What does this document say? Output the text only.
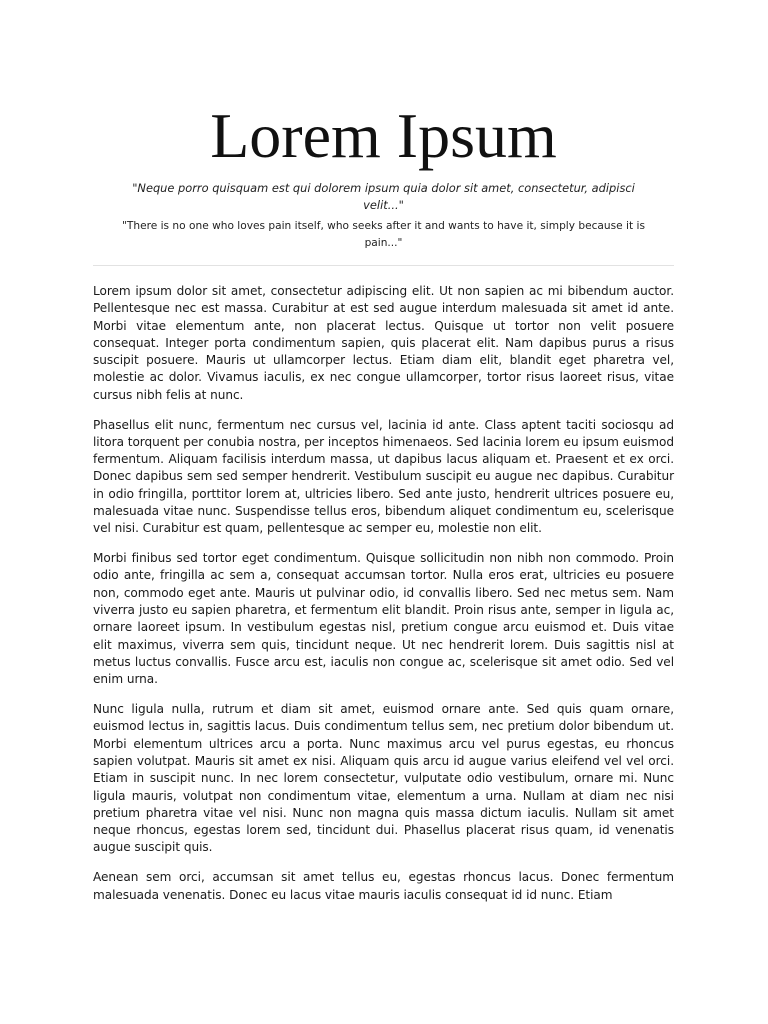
Lorem Ipsum

"Neque porro quisquam est qui dolorem ipsum quia dolor sit amet, consectetur, adipisci velit..."

"There is no one who loves pain itself, who seeks after it and wants to have it, simply because it is pain..."

Lorem ipsum dolor sit amet, consectetur adipiscing elit. Ut non sapien ac mi bibendum auctor. Pellentesque nec est massa. Curabitur at est sed augue interdum malesuada sit amet id ante. Morbi vitae elementum ante, non placerat lectus. Quisque ut tortor non velit posuere consequat. Integer porta condimentum sapien, quis placerat elit. Nam dapibus purus a risus suscipit posuere. Mauris ut ullamcorper lectus. Etiam diam elit, blandit eget pharetra vel, molestie ac dolor. Vivamus iaculis, ex nec congue ullamcorper, tortor risus laoreet risus, vitae cursus nibh felis at nunc.

Phasellus elit nunc, fermentum nec cursus vel, lacinia id ante. Class aptent taciti sociosqu ad litora torquent per conubia nostra, per inceptos himenaeos. Sed lacinia lorem eu ipsum euismod fermentum. Aliquam facilisis interdum massa, ut dapibus lacus aliquam et. Praesent et ex orci. Donec dapibus sem sed semper hendrerit. Vestibulum suscipit eu augue nec dapibus. Curabitur in odio fringilla, porttitor lorem at, ultricies libero. Sed ante justo, hendrerit ultrices posuere eu, malesuada vitae nunc. Suspendisse tellus eros, bibendum aliquet condimentum eu, scelerisque vel nisi. Curabitur est quam, pellentesque ac semper eu, molestie non elit.

Morbi finibus sed tortor eget condimentum. Quisque sollicitudin non nibh non commodo. Proin odio ante, fringilla ac sem a, consequat accumsan tortor. Nulla eros erat, ultricies eu posuere non, commodo eget ante. Mauris ut pulvinar odio, id convallis libero. Sed nec metus sem. Nam viverra justo eu sapien pharetra, et fermentum elit blandit. Proin risus ante, semper in ligula ac, ornare laoreet ipsum. In vestibulum egestas nisl, pretium congue arcu euismod et. Duis vitae elit maximus, viverra sem quis, tincidunt neque. Ut nec hendrerit lorem. Duis sagittis nisl at metus luctus convallis. Fusce arcu est, iaculis non congue ac, scelerisque sit amet odio. Sed vel enim urna.

Nunc ligula nulla, rutrum et diam sit amet, euismod ornare ante. Sed quis quam ornare, euismod lectus in, sagittis lacus. Duis condimentum tellus sem, nec pretium dolor bibendum ut. Morbi elementum ultrices arcu a porta. Nunc maximus arcu vel purus egestas, eu rhoncus sapien volutpat. Mauris sit amet ex nisi. Aliquam quis arcu id augue varius eleifend vel vel orci. Etiam in suscipit nunc. In nec lorem consectetur, vulputate odio vestibulum, ornare mi. Nunc ligula mauris, volutpat non condimentum vitae, elementum a urna. Nullam at diam nec nisi pretium pharetra vitae vel nisi. Nunc non magna quis massa dictum iaculis. Nullam sit amet neque rhoncus, egestas lorem sed, tincidunt dui. Phasellus placerat risus quam, id venenatis augue suscipit quis.

Aenean sem orci, accumsan sit amet tellus eu, egestas rhoncus lacus. Donec fermentum malesuada venenatis. Donec eu lacus vitae mauris iaculis consequat id id nunc. Etiam
